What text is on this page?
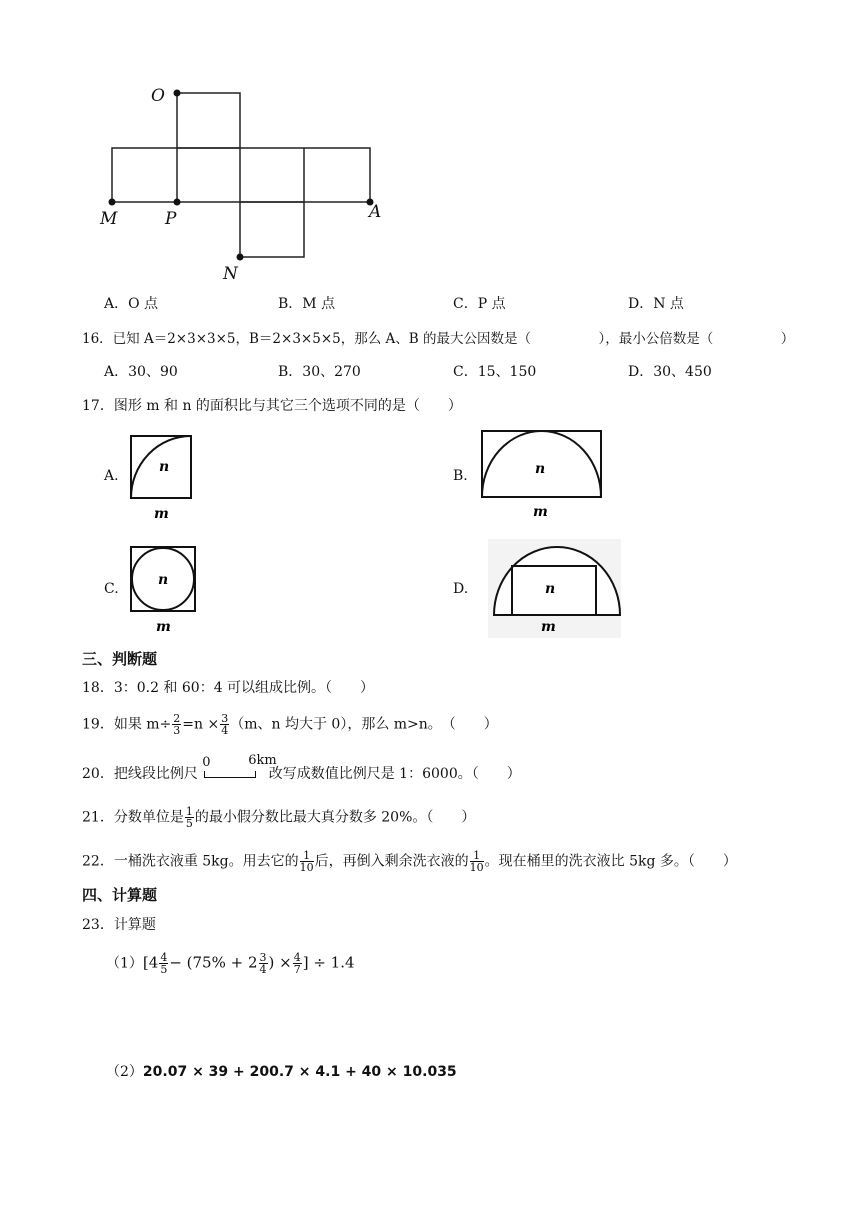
O
M	P	A
N
A．O 点	B．M 点	C．P 点	D．N 点
16．已知 A＝2×3×3×5，B＝2×3×5×5，那么 A、B 的最大公因数是（　　　　　），最小公倍数是（　　　　　）
A．30、90	B．30、270	C．15、150	D．30、450
17．图形 m 和 n 的面积比与其它三个选项不同的是（　　）
A.
n
m
B.	n
m
C.
n
m
D.	n
m
三、判断题
18．3：0.2 和 60：4 可以组成比例。（　　）
19．如果 $m\div \frac{2}{3} =n \times \frac{3}{4} (m$、n 均大于 0），那么 m>n。　（　　）
20．把线段比例尺
0	6km
改写成数值比例尺是 1：6000。（　　）
21．分数单位是 $\frac{1}{5}$ 的最小假分数比最大真分数多 20%。（　　）
22．一桶洗衣液重 5kg。用去它的 $\frac{1}{10}$ 后，再倒入剩余洗衣液的 $\frac{1}{10}$ 。现在桶里的洗衣液比 5kg 多。（　　）
四、计算题
23．计算题
$(1)[4 \frac{4}{5} - (75\% + 2 \frac{3}{4}$ ) × $\frac{4}{7}$ ] ÷ 1.4
（2）20.07 × 39 + 200.7 × 4.1 + 40 × 10.035
